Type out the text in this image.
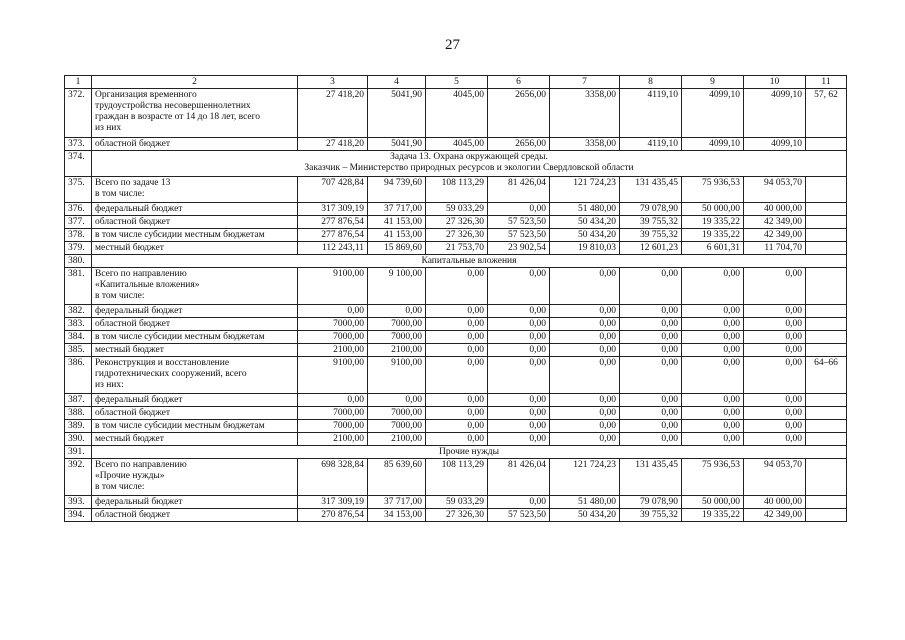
27
1	2	3	4	5	6	7	8	9	10	11
372.	Организация временного
трудоустройства несовершеннолетних
граждан в возрасте от 14 до 18 лет, всего
из них	27 418,20	5041,90	4045,00	2656,00	3358,00	4119,10	4099,10	4099,10	57, 62
373.	областной бюджет	27 418,20	5041,90	4045,00	2656,00	3358,00	4119,10	4099,10	4099,10	
374.	Задача 13. Охрана окружающей среды.
Заказчик – Министерство природных ресурсов и экологии Свердловской области									

375.	Всего по задаче 13
в том числе:	707 428,84	94 739,60	108 113,29	81 426,04	121 724,23	131 435,45	75 936,53	94 053,70	
376.	федеральный бюджет	317 309,19	37 717,00	59 033,29	0,00	51 480,00	79 078,90	50 000,00	40 000,00	
377.	областной бюджет	277 876,54	41 153,00	27 326,30	57 523,50	50 434,20	39 755,32	19 335,22	42 349,00	
378.	в том числе субсидии местным бюджетам	277 876,54	41 153,00	27 326,30	57 523,50	50 434,20	39 755,32	19 335,22	42 349,00	
379.	местный бюджет	112 243,11	15 869,60	21 753,70	23 902,54	19 810,03	12 601,23	6 601,31	11 704,70	
380.	Капитальные вложения									

381.	Всего по направлению
«Капитальные вложения»
в том числе:	9100,00	9 100,00	0,00	0,00	0,00	0,00	0,00	0,00	
382.	федеральный бюджет	0,00	0,00	0,00	0,00	0,00	0,00	0,00	0,00	
383.	областной бюджет	7000,00	7000,00	0,00	0,00	0,00	0,00	0,00	0,00	
384.	в том числе субсидии местным бюджетам	7000,00	7000,00	0,00	0,00	0,00	0,00	0,00	0,00	
385.	местный бюджет	2100,00	2100,00	0,00	0,00	0,00	0,00	0,00	0,00	
386.	Реконструкция и восстановление
гидротехнических сооружений, всего
из них:	9100,00	9100,00	0,00	0,00	0,00	0,00	0,00	0,00	64–66
387.	федеральный бюджет	0,00	0,00	0,00	0,00	0,00	0,00	0,00	0,00	
388.	областной бюджет	7000,00	7000,00	0,00	0,00	0,00	0,00	0,00	0,00	
389.	в том числе субсидии местным бюджетам	7000,00	7000,00	0,00	0,00	0,00	0,00	0,00	0,00	
390.	местный бюджет	2100,00	2100,00	0,00	0,00	0,00	0,00	0,00	0,00	
391.	Прочие нужды									

392.	Всего по направлению
«Прочие нужды»
в том числе:	698 328,84	85 639,60	108 113,29	81 426,04	121 724,23	131 435,45	75 936,53	94 053,70	
393.	федеральный бюджет	317 309,19	37 717,00	59 033,29	0,00	51 480,00	79 078,90	50 000,00	40 000,00	
394.	областной бюджет	270 876,54	34 153,00	27 326,30	57 523,50	50 434,20	39 755,32	19 335,22	42 349,00	
